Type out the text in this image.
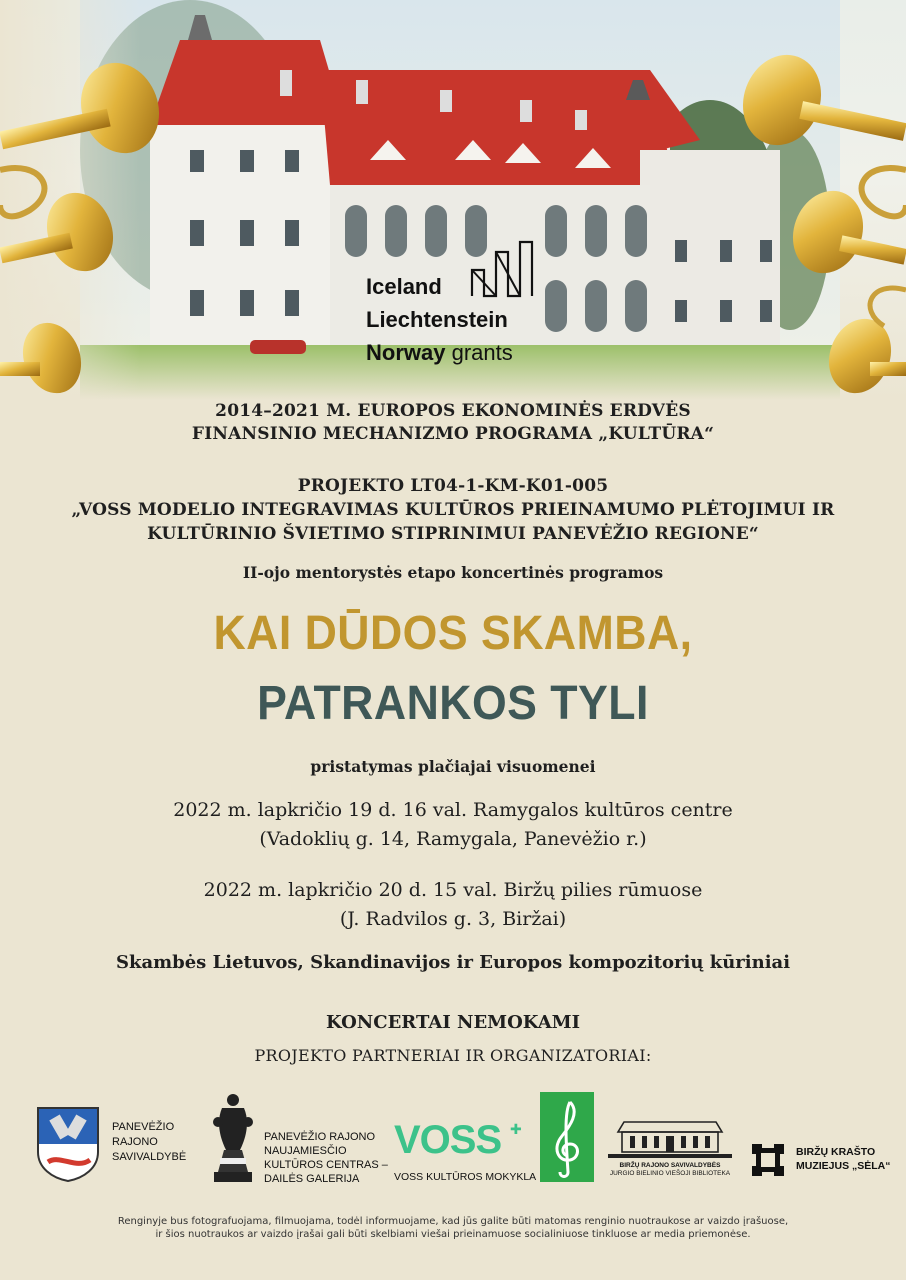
Iceland
Liechtenstein
Norway grants
2014–2021 M. EUROPOS EKONOMINĖS ERDVĖS
FINANSINIO MECHANIZMO PROGRAMA „KULTŪRA“
PROJEKTO LT04-1-KM-K01-005
„VOSS MODELIO INTEGRAVIMAS KULTŪROS PRIEINAMUMO PLĖTOJIMUI IR
KULTŪRINIO ŠVIETIMO STIPRINIMUI PANEVĖŽIO REGIONE“
II-ojo mentorystės etapo koncertinės programos
KAI DŪDOS SKAMBA,
PATRANKOS TYLI
pristatymas plačiajai visuomenei
2022 m. lapkričio 19 d. 16 val. Ramygalos kultūros centre
(Vadoklių g. 14, Ramygala, Panevėžio r.)
2022 m. lapkričio 20 d. 15 val. Biržų pilies rūmuose
(J. Radvilos g. 3, Biržai)
Skambės Lietuvos, Skandinavijos ir Europos kompozitorių kūriniai
KONCERTAI NEMOKAMI
PROJEKTO PARTNERIAI IR ORGANIZATORIAI:
PANEVĖŽIO
RAJONO
SAVIVALDYBĖ
PANEVĖŽIO RAJONO
NAUJAMIESČIO
KULTŪROS CENTRAS –
DAILĖS GALERIJA
VOSS ✚
VOSS KULTŪROS MOKYKLA
BIRŽŲ RAJONO SAVIVALDYBĖS
JURGIO BIELINIO VIEŠOJI BIBLIOTEKA
BIRŽŲ KRAŠTO
MUZIEJUS „SĖLA“
Renginyje bus fotografuojama, filmuojama, todėl informuojame, kad jūs galite būti matomas renginio nuotraukose ar vaizdo įrašuose,
ir šios nuotraukos ar vaizdo įrašai gali būti skelbiami viešai prieinamuose socialiniuose tinkluose ar media priemonėse.
